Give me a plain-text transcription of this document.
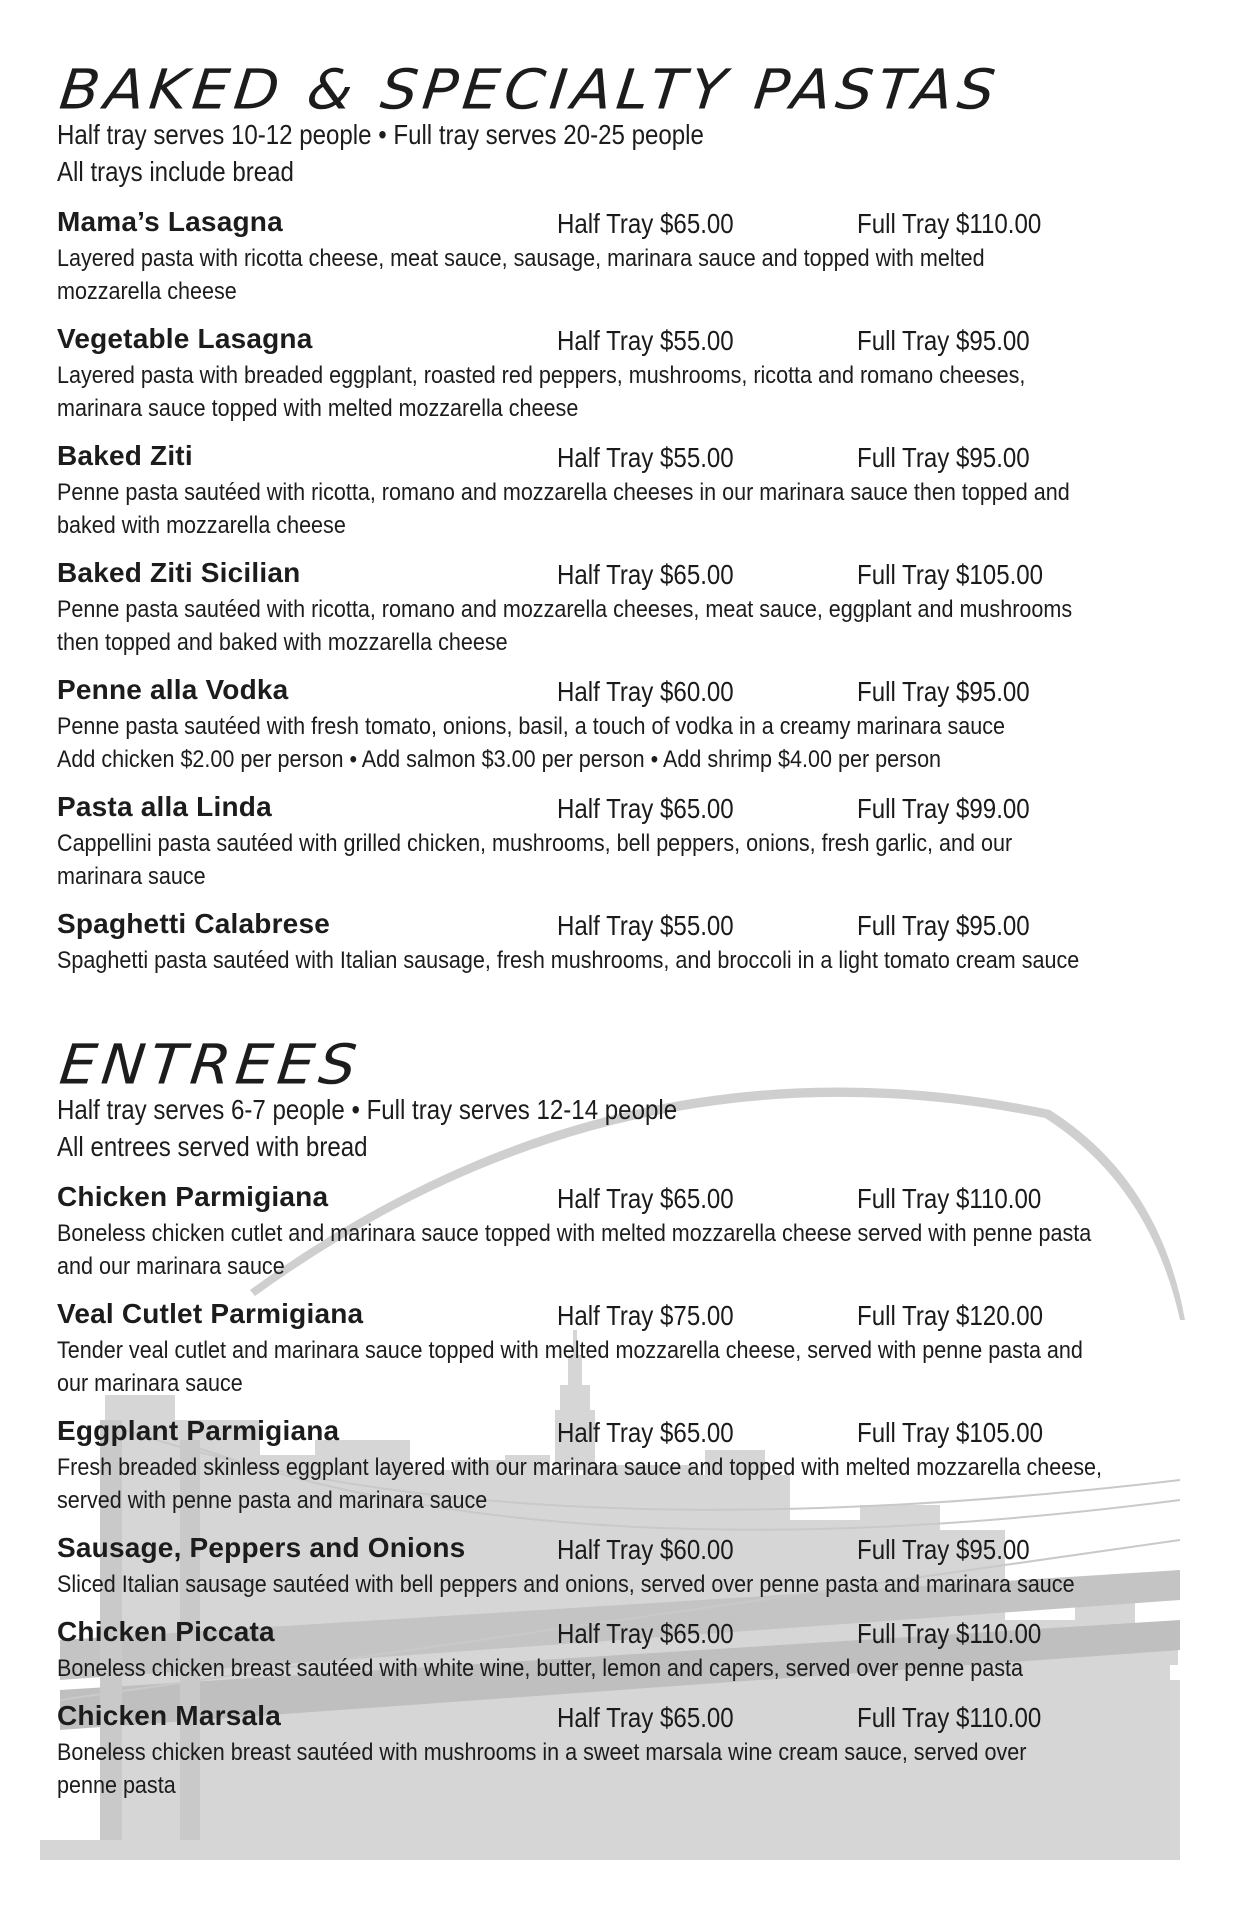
BAKED & SPECIALTY PASTAS
Half tray serves 10-12 people • Full tray serves 20-25 people
All trays include bread
Mama’s Lasagna	Half Tray $65.00	Full Tray $110.00
Layered pasta with ricotta cheese, meat sauce, sausage, marinara sauce and topped with melted
mozzarella cheese
Vegetable Lasagna	Half Tray $55.00	Full Tray $95.00
Layered pasta with breaded eggplant, roasted red peppers, mushrooms, ricotta and romano cheeses,
marinara sauce topped with melted mozzarella cheese
Baked Ziti	Half Tray $55.00	Full Tray $95.00
Penne pasta sautéed with ricotta, romano and mozzarella cheeses in our marinara sauce then topped and
baked with mozzarella cheese
Baked Ziti Sicilian	Half Tray $65.00	Full Tray $105.00
Penne pasta sautéed with ricotta, romano and mozzarella cheeses, meat sauce, eggplant and mushrooms
then topped and baked with mozzarella cheese
Penne alla Vodka	Half Tray $60.00	Full Tray $95.00
Penne pasta sautéed with fresh tomato, onions, basil, a touch of vodka in a creamy marinara sauce
Add chicken $2.00 per person • Add salmon $3.00 per person • Add shrimp $4.00 per person
Pasta alla Linda	Half Tray $65.00	Full Tray $99.00
Cappellini pasta sautéed with grilled chicken, mushrooms, bell peppers, onions, fresh garlic, and our
marinara sauce
Spaghetti Calabrese	Half Tray $55.00	Full Tray $95.00
Spaghetti pasta sautéed with Italian sausage, fresh mushrooms, and broccoli in a light tomato cream sauce
ENTREES
Half tray serves 6-7 people • Full tray serves 12-14 people
All entrees served with bread
Chicken Parmigiana	Half Tray $65.00	Full Tray $110.00
Boneless chicken cutlet and marinara sauce topped with melted mozzarella cheese served with penne pasta
and our marinara sauce
Veal Cutlet Parmigiana	Half Tray $75.00	Full Tray $120.00
Tender veal cutlet and marinara sauce topped with melted mozzarella cheese, served with penne pasta and
our marinara sauce
Eggplant Parmigiana	Half Tray $65.00	Full Tray $105.00
Fresh breaded skinless eggplant layered with our marinara sauce and topped with melted mozzarella cheese,
served with penne pasta and marinara sauce
Sausage, Peppers and Onions	Half Tray $60.00	Full Tray $95.00
Sliced Italian sausage sautéed with bell peppers and onions, served over penne pasta and marinara sauce
Chicken Piccata	Half Tray $65.00	Full Tray $110.00
Boneless chicken breast sautéed with white wine, butter, lemon and capers, served over penne pasta
Chicken Marsala	Half Tray $65.00	Full Tray $110.00
Boneless chicken breast sautéed with mushrooms in a sweet marsala wine cream sauce, served over
penne pasta
